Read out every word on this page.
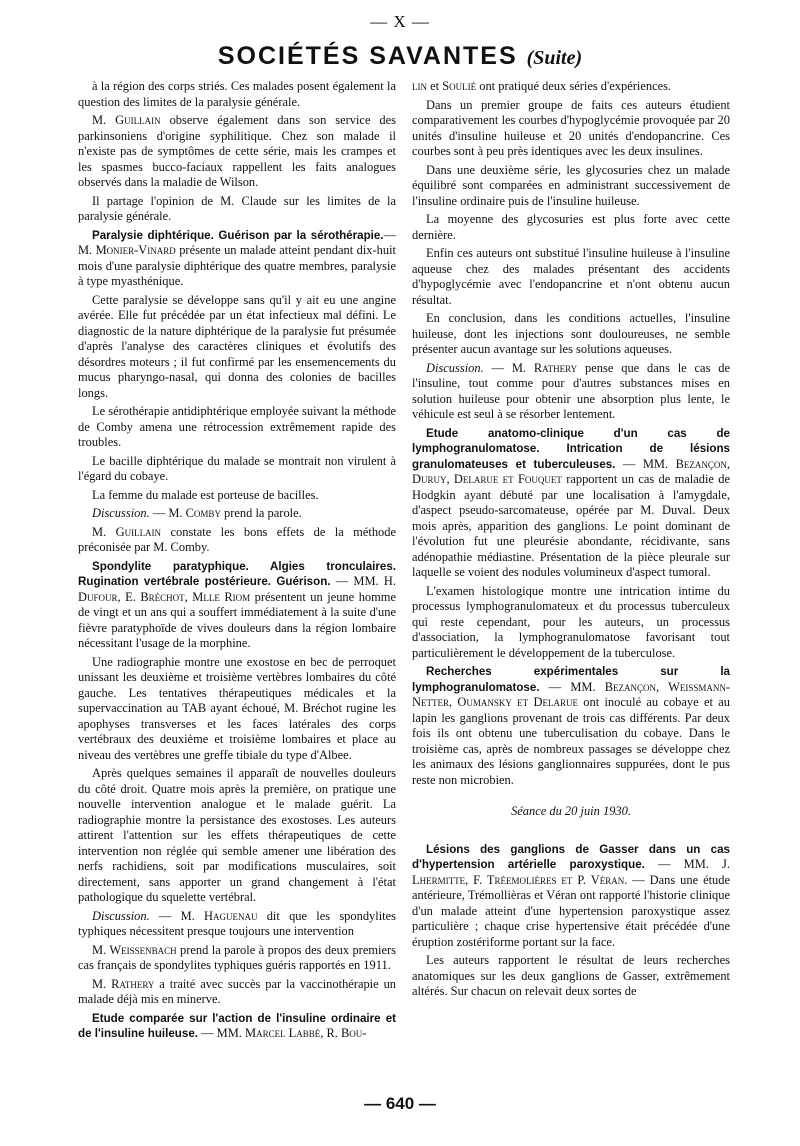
— X —
SOCIÉTÉS SAVANTES (Suite)

à la région des corps striés. Ces malades posent également la question des limites de la paralysie générale.

M. Guillain observe également dans son service des parkinsoniens d'origine syphilitique. Chez son malade il n'existe pas de symptômes de cette série, mais les crampes et les spasmes bucco-faciaux rappellent les faits analogues observés dans la maladie de Wilson.

Il partage l'opinion de M. Claude sur les limites de la paralysie générale.

Paralysie diphtérique. Guérison par la sérothérapie.— M. Monier-Vinard présente un malade atteint pendant dix-huit mois d'une paralysie diphtérique des quatre membres, paralysie à type myasthénique.

Cette paralysie se développe sans qu'il y ait eu une angine avérée. Elle fut précédée par un état infectieux mal défini. Le diagnostic de la nature diphtérique de la paralysie fut présumée d'après l'analyse des caractères cliniques et évolutifs des désordres moteurs ; il fut confirmé par les ensemencements du mucus pharyngo-nasal, qui donna des colonies de bacilles longs.

Le sérothérapie antidiphtérique employée suivant la méthode de Comby amena une rétrocession extrêmement rapide des troubles.

Le bacille diphtérique du malade se montrait non virulent à l'égard du cobaye.

La femme du malade est porteuse de bacilles.

Discussion. — M. Comby prend la parole.

M. Guillain constate les bons effets de la méthode préconisée par M. Comby.

Spondylite paratyphique. Algies tronculaires. Rugination vertébrale postérieure. Guérison. — MM. H. Dufour, E. Bréchot, Mlle Riom présentent un jeune homme de vingt et un ans qui a souffert immédiatement à la suite d'une fièvre paratyphoïde de vives douleurs dans la région lombaire nécessitant l'usage de la morphine.

Une radiographie montre une exostose en bec de perroquet unissant les deuxième et troisième vertèbres lombaires du côté gauche. Les tentatives thérapeutiques médicales et la supervaccination au TAB ayant échoué, M. Bréchot rugine les apophyses transverses et les faces latérales des corps vertébraux des deuxième et troisième lombaires et place au niveau des vertèbres une greffe tibiale du type d'Albee.

Après quelques semaines il apparaît de nouvelles douleurs du côté droit. Quatre mois après la première, on pratique une nouvelle intervention analogue et le malade guérit. La radiographie montre la persistance des exostoses. Les auteurs attirent l'attention sur les effets thérapeutiques de cette intervention non réglée qui semble amener une libération des nerfs rachidiens, soit par modifications musculaires, soit directement, sans apporter un grand changement à l'état pathologique du squelette vertébral.

Discussion. — M. Haguenau dit que les spondylites typhiques nécessitent presque toujours une intervention

M. Weissenbach prend la parole à propos des deux premiers cas français de spondylites typhiques guéris rapportés en 1911.

M. Rathery a traité avec succès par la vaccinothérapie un malade déjà mis en minerve.

Etude comparée sur l'action de l'insuline ordinaire et de l'insuline huileuse. — MM. Marcel Labbé, R. Bou-

lin et Soulié ont pratiqué deux séries d'expériences.

Dans un premier groupe de faits ces auteurs étudient comparativement les courbes d'hypoglycémie provoquée par 20 unités d'insuline huileuse et 20 unités d'endopancrine. Ces courbes sont à peu près identiques avec les deux insulines.

Dans une deuxième série, les glycosuries chez un malade équilibré sont comparées en administrant successivement de l'insuline ordinaire puis de l'insuline huileuse.

La moyenne des glycosuries est plus forte avec cette dernière.

Enfin ces auteurs ont substitué l'insuline huileuse à l'insuline aqueuse chez des malades présentant des accidents d'hypoglycémie avec l'endopancrine et n'ont obtenu aucun résultat.

En conclusion, dans les conditions actuelles, l'insuline huileuse, dont les injections sont douloureuses, ne semble présenter aucun avantage sur les solutions aqueuses.

Discussion. — M. Rathery pense que dans le cas de l'insuline, tout comme pour d'autres substances mises en solution huileuse pour obtenir une absorption plus lente, le véhicule est seul à se résorber lentement.

Etude anatomo-clinique d'un cas de lymphogranulomatose. Intrication de lésions granulomateuses et tuberculeuses. — MM. Bezançon, Duruy, Delarue et Fouquet rapportent un cas de maladie de Hodgkin ayant débuté par une localisation à l'amygdale, d'aspect pseudo-sarcomateuse, opérée par M. Duval. Deux mois après, apparition des ganglions. Le point dominant de l'évolution fut une pleurésie abondante, récidivante, sans adénopathie médiastine. Présentation de la pièce pleurale sur laquelle se voient des nodules volumineux d'aspect tumoral.

L'examen histologique montre une intrication intime du processus lymphogranulomateux et du processus tuberculeux qui reste cependant, pour les auteurs, un processus d'association, la lymphogranulomatose favorisant tout particulièrement le développement de la tuberculose.

Recherches expérimentales sur la lymphogranulomatose. — MM. Bezançon, Weissmann-Netter, Oumansky et Delarue ont inoculé au cobaye et au lapin les ganglions provenant de trois cas différents. Par deux fois ils ont obtenu une tuberculisation du cobaye. Dans le troisième cas, après de nombreux passages se développe chez les animaux des lésions ganglionnaires suppurées, dont le pus reste non microbien.

Séance du 20 juin 1930.

Lésions des ganglions de Gasser dans un cas d'hypertension artérielle paroxystique. — MM. J. Lhermitte, F. Tréemolières et P. Véran. — Dans une étude antérieure, Trémollièras et Véran ont rapporté l'historie clinique d'un malade atteint d'une hypertension paroxystique assez particulière ; chaque crise hypertensive était précédée d'une éruption zostériforme portant sur la face.

Les auteurs rapportent le résultat de leurs recherches anatomiques sur les deux ganglions de Gasser, extrêmement altérés. Sur chacun on relevait deux sortes de

— 640 —
